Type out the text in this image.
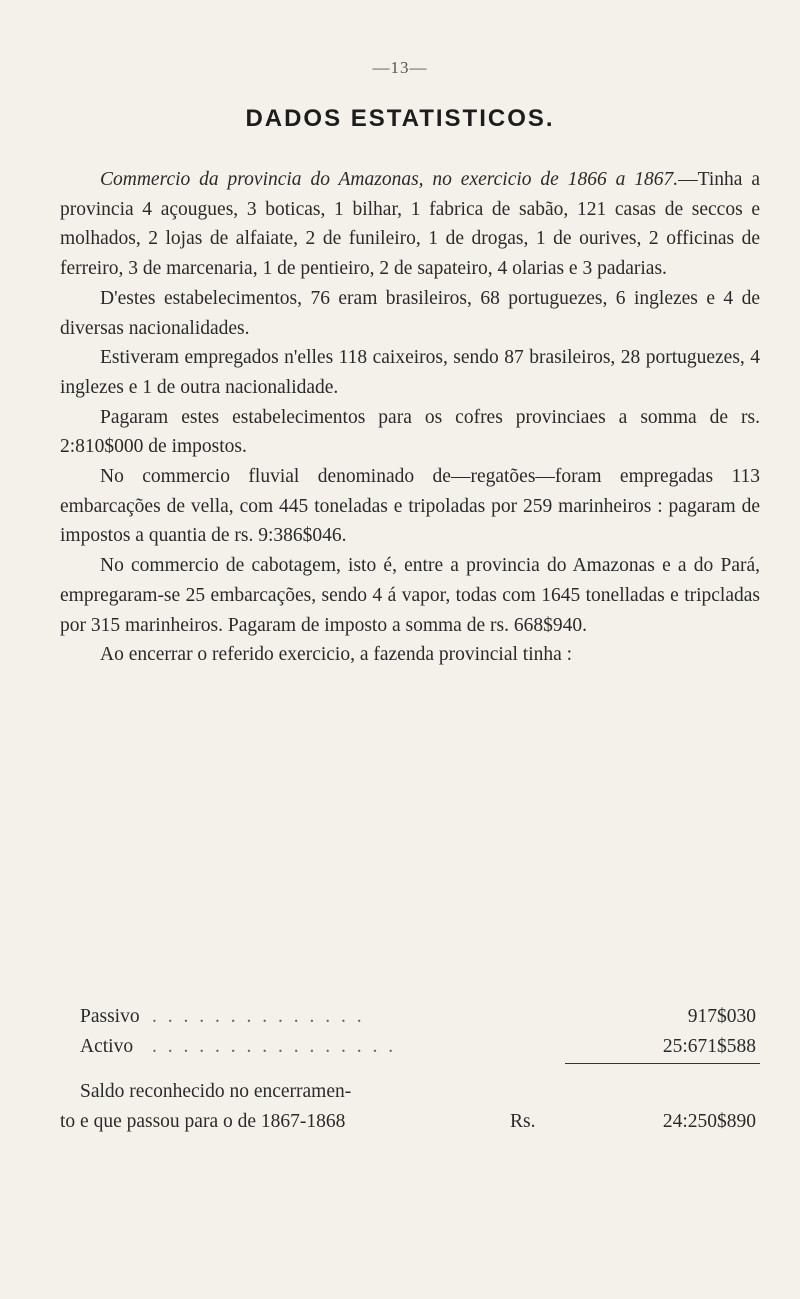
—13—
DADOS ESTATISTICOS.

Commercio da provincia do Amazonas, no exercicio de 1866 a 1867.—Tinha a provincia 4 açougues, 3 boticas, 1 bilhar, 1 fabrica de sabão, 121 casas de seccos e molhados, 2 lojas de alfaiate, 2 de funileiro, 1 de drogas, 1 de ourives, 2 officinas de ferreiro, 3 de marcenaria, 1 de pentieiro, 2 de sapateiro, 4 olarias e 3 padarias.

D'estes estabelecimentos, 76 eram brasileiros, 68 portuguezes, 6 inglezes e 4 de diversas nacionalidades.

Estiveram empregados n'elles 118 caixeiros, sendo 87 brasileiros, 28 portuguezes, 4 inglezes e 1 de outra nacionalidade.

Pagaram estes estabelecimentos para os cofres provinciaes a somma de rs. 2:810$000 de impostos.

No commercio fluvial denominado de—regatões—foram empregadas 113 embarcações de vella, com 445 toneladas e tripoladas por 259 marinheiros : pagaram de impostos a quantia de rs. 9:386$046.

No commercio de cabotagem, isto é, entre a provincia do Amazonas e a do Pará, empregaram-se 25 embarcações, sendo 4 á vapor, todas com 1645 tonelladas e tripcladas por 315 marinheiros. Pagaram de imposto a somma de rs. 668$940.

Ao encerrar o referido exercicio, a fazenda provincial tinha :

Passivo . . . . . . . . . . . . . .	917$030
Activo . . . . . . . . . . . . . . . .	25:671$588
Saldo reconhecido no encerramen-
to e que passou para o de 1867-1868	Rs.	24:250$890
